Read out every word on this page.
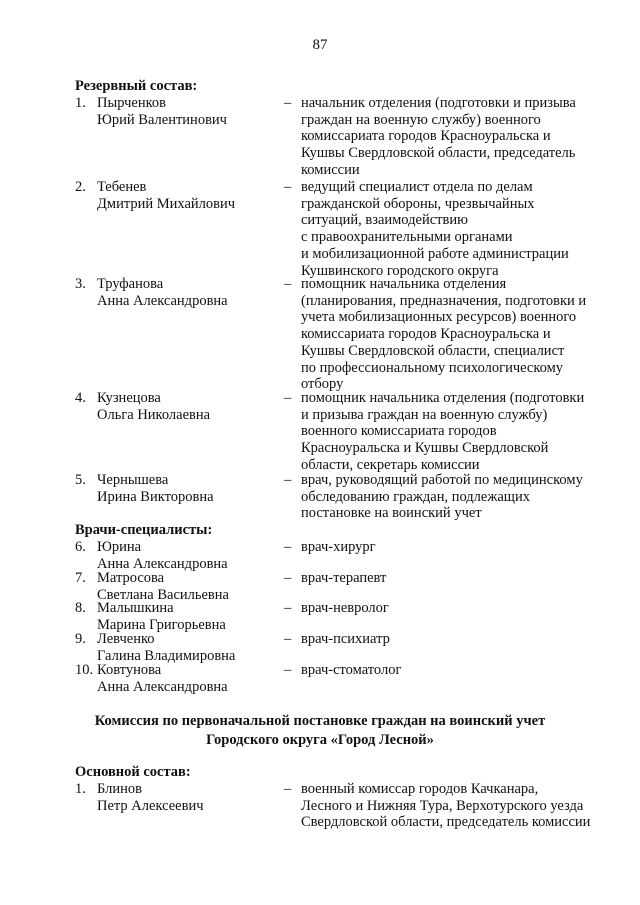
87
Резервный состав:
1. Пырченков
Юрий Валентинович
– начальник отделения (подготовки и призыва
граждан на военную службу) военного
комиссариата городов Красноуральска и
Кушвы Свердловской области, председатель
комиссии
2. Тебенев
Дмитрий Михайлович
– ведущий специалист отдела по делам
гражданской обороны, чрезвычайных
ситуаций, взаимодействию
с правоохранительными органами
и мобилизационной работе администрации
Кушвинского городского округа
3. Труфанова
Анна Александровна
– помощник начальника отделения
(планирования, предназначения, подготовки и
учета мобилизационных ресурсов) военного
комиссариата городов Красноуральска и
Кушвы Свердловской области, специалист
по профессиональному психологическому
отбору
4. Кузнецова
Ольга Николаевна
– помощник начальника отделения (подготовки
и призыва граждан на военную службу)
военного комиссариата городов
Красноуральска и Кушвы Свердловской
области, секретарь комиссии
5. Чернышева
Ирина Викторовна
– врач, руководящий работой по медицинскому
обследованию граждан, подлежащих
постановке на воинский учет
Врачи-специалисты:
6. Юрина
Анна Александровна
– врач-хирург
7. Матросова
Светлана Васильевна
– врач-терапевт
8. Малышкина
Марина Григорьевна
– врач-невролог
9. Левченко
Галина Владимировна
– врач-психиатр
10. Ковтунова
Анна Александровна
– врач-стоматолог
Комиссия по первоначальной постановке граждан на воинский учет
Городского округа «Город Лесной»
Основной состав:
1. Блинов
Петр Алексеевич
– военный комиссар городов Качканара,
Лесного и Нижняя Тура, Верхотурского уезда
Свердловской области, председатель комиссии
